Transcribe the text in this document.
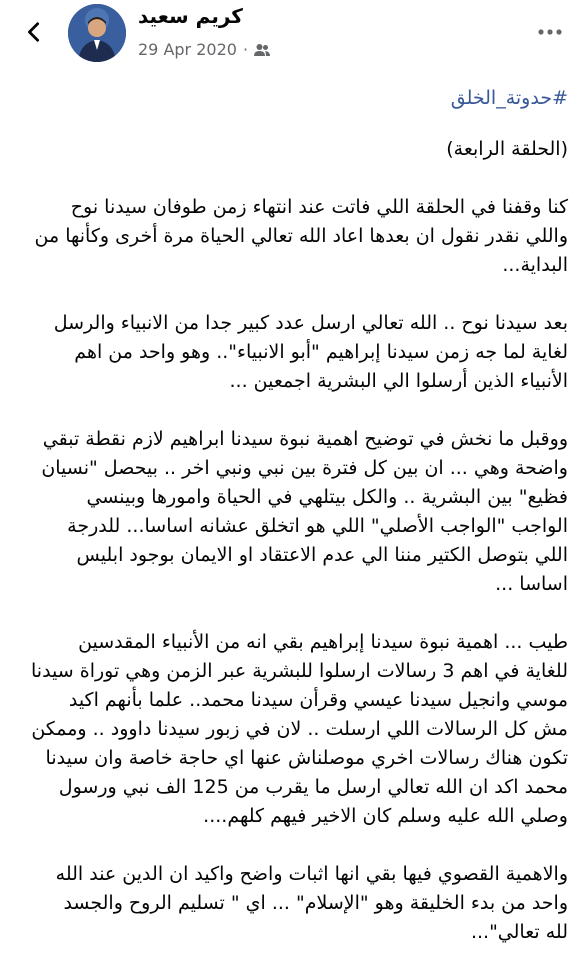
كريم سعيد
29 Apr 2020 ·
#حدوتة_الخلق

(الحلقة الرابعة)

كنا وقفنا في الحلقة اللي فاتت عند انتهاء زمن طوفان سيدنا نوح
واللي نقدر نقول ان بعدها اعاد الله تعالي الحياة مرة أخرى وكأنها من
البداية...

بعد سيدنا نوح .. الله تعالي ارسل عدد كبير جدا من الانبياء والرسل
لغاية لما جه زمن سيدنا إبراهيم "أبو الانبياء".. وهو واحد من اهم
الأنبياء الذين أرسلوا الي البشرية اجمعين ...

ووقبل ما نخش في توضيح اهمية نبوة سيدنا ابراهيم لازم نقطة تبقي
واضحة وهي ... ان بين كل فترة بين نبي ونبي اخر .. بيحصل "نسيان
فظيع" بين البشرية .. والكل بيتلهي في الحياة وامورها وبينسي
الواجب "الواجب الأصلي" اللي هو اتخلق عشانه اساسا... للدرجة
اللي بتوصل الكتير مننا الي عدم الاعتقاد او الايمان بوجود ابليس
اساسا ...

طيب ... اهمية نبوة سيدنا إبراهيم بقي انه من الأنبياء المقدسين
للغاية في اهم 3 رسالات ارسلوا للبشرية عبر الزمن وهي توراة سيدنا
موسي وانجيل سيدنا عيسي وقرأن سيدنا محمد.. علما بأنهم اكيد
مش كل الرسالات اللي ارسلت .. لان في زبور سيدنا داوود .. وممكن
تكون هناك رسالات اخري موصلناش عنها اي حاجة خاصة وان سيدنا
محمد اكد ان الله تعالي ارسل ما يقرب من 125 الف نبي ورسول
وصلي الله عليه وسلم كان الاخير فيهم كلهم....

والاهمية القصوي فيها بقي انها اثبات واضح واكيد ان الدين عند الله
واحد من بدء الخليقة وهو "الإسلام" ... اي " تسليم الروح والجسد
لله تعالي"...
